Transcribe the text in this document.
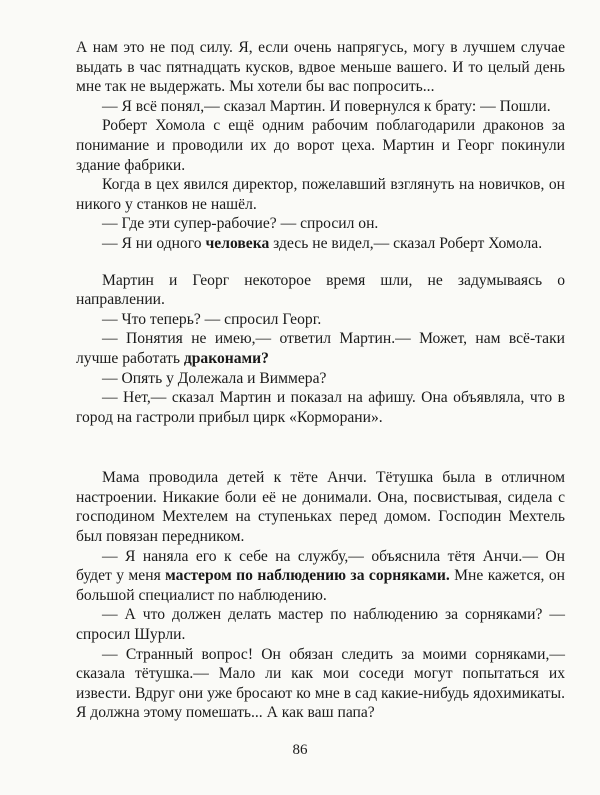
А нам это не под силу. Я, если очень напрягусь, могу в лучшем случае выдать в час пятнадцать кусков, вдвое меньше вашего. И то целый день мне так не выдержать. Мы хотели бы вас попросить...

— Я всё понял,— сказал Мартин. И повернулся к брату: — Пошли.

Роберт Хомола с ещё одним рабочим поблагодарили драконов за понимание и проводили их до ворот цеха. Мартин и Георг покинули здание фабрики.

Когда в цех явился директор, пожелавший взглянуть на новичков, он никого у станков не нашёл.

— Где эти супер-рабочие? — спросил он.

— Я ни одного человека здесь не видел,— сказал Роберт Хомола.

Мартин и Георг некоторое время шли, не задумываясь о направлении.

— Что теперь? — спросил Георг.

— Понятия не имею,— ответил Мартин.— Может, нам всё-таки лучше работать драконами?

— Опять у Долежала и Виммера?

— Нет,— сказал Мартин и показал на афишу. Она объявляла, что в город на гастроли прибыл цирк «Корморани».

Мама проводила детей к тёте Анчи. Тётушка была в отличном настроении. Никакие боли её не донимали. Она, посвистывая, сидела с господином Мехтелем на ступеньках перед домом. Господин Мехтель был повязан передником.

— Я наняла его к себе на службу,— объяснила тётя Анчи.— Он будет у меня мастером по наблюдению за сорняками. Мне кажется, он большой специалист по наблюдению.

— А что должен делать мастер по наблюдению за сорняками? — спросил Шурли.

— Странный вопрос! Он обязан следить за моими сорняками,— сказала тётушка.— Мало ли как мои соседи могут попытаться их извести. Вдруг они уже бросают ко мне в сад какие-нибудь ядохимикаты. Я должна этому помешать... А как ваш папа?

86
